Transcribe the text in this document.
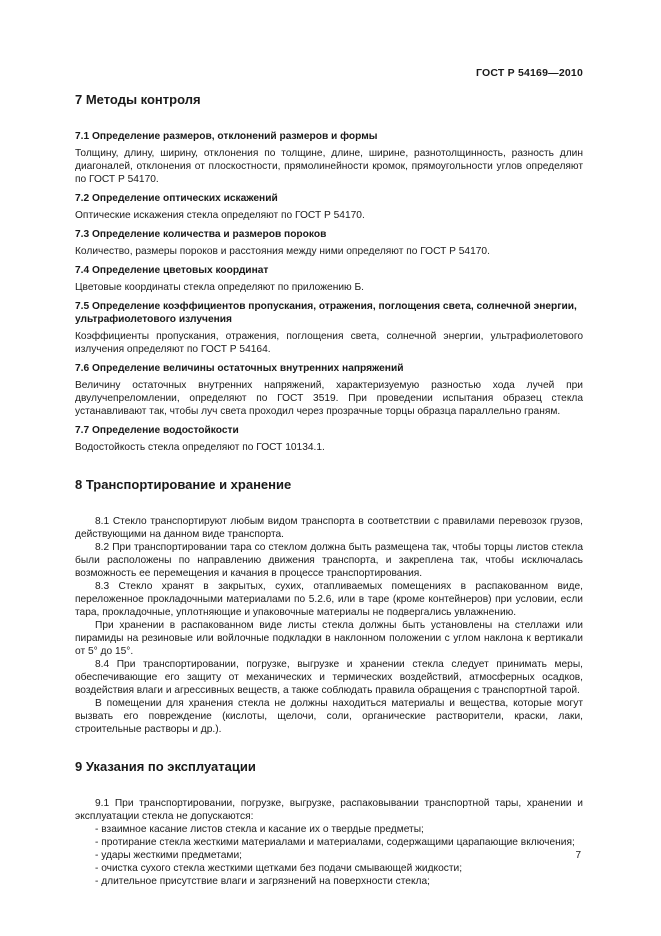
ГОСТ Р 54169—2010
7 Методы контроля
7.1 Определение размеров, отклонений размеров и формы

Толщину, длину, ширину, отклонения по толщине, длине, ширине, разнотолщинность, разность длин диагоналей, отклонения от плоскостности, прямолинейности кромок, прямоугольности углов определяют по ГОСТ Р 54170.

7.2 Определение оптических искажений

Оптические искажения стекла определяют по ГОСТ Р 54170.

7.3 Определение количества и размеров пороков

Количество, размеры пороков и расстояния между ними определяют по ГОСТ Р 54170.

7.4 Определение цветовых координат

Цветовые координаты стекла определяют по приложению Б.

7.5 Определение коэффициентов пропускания, отражения, поглощения света, солнечной энергии, ультрафиолетового излучения

Коэффициенты пропускания, отражения, поглощения света, солнечной энергии, ультрафиолетового излучения определяют по ГОСТ Р 54164.

7.6 Определение величины остаточных внутренних напряжений

Величину остаточных внутренних напряжений, характеризуемую разностью хода лучей при двулучепреломлении, определяют по ГОСТ 3519. При проведении испытания образец стекла устанавливают так, чтобы луч света проходил через прозрачные торцы образца параллельно граням.

7.7 Определение водостойкости

Водостойкость стекла определяют по ГОСТ 10134.1.

8 Транспортирование и хранение

8.1 Стекло транспортируют любым видом транспорта в соответствии с правилами перевозок грузов, действующими на данном виде транспорта.

8.2 При транспортировании тара со стеклом должна быть размещена так, чтобы торцы листов стекла были расположены по направлению движения транспорта, и закреплена так, чтобы исключалась возможность ее перемещения и качания в процессе транспортирования.

8.3 Стекло хранят в закрытых, сухих, отапливаемых помещениях в распакованном виде, переложенное прокладочными материалами по 5.2.6, или в таре (кроме контейнеров) при условии, если тара, прокладочные, уплотняющие и упаковочные материалы не подвергались увлажнению.

При хранении в распакованном виде листы стекла должны быть установлены на стеллажи или пирамиды на резиновые или войлочные подкладки в наклонном положении с углом наклона к вертикали от 5° до 15°.

8.4 При транспортировании, погрузке, выгрузке и хранении стекла следует принимать меры, обеспечивающие его защиту от механических и термических воздействий, атмосферных осадков, воздействия влаги и агрессивных веществ, а также соблюдать правила обращения с транспортной тарой.

В помещении для хранения стекла не должны находиться материалы и вещества, которые могут вызвать его повреждение (кислоты, щелочи, соли, органические растворители, краски, лаки, строительные растворы и др.).

9 Указания по эксплуатации

9.1 При транспортировании, погрузке, выгрузке, распаковывании транспортной тары, хранении и эксплуатации стекла не допускаются:

- взаимное касание листов стекла и касание их о твердые предметы;

- протирание стекла жесткими материалами и материалами, содержащими царапающие включения;

- удары жесткими предметами;

- очистка сухого стекла жесткими щетками без подачи смывающей жидкости;

- длительное присутствие влаги и загрязнений на поверхности стекла;

7
